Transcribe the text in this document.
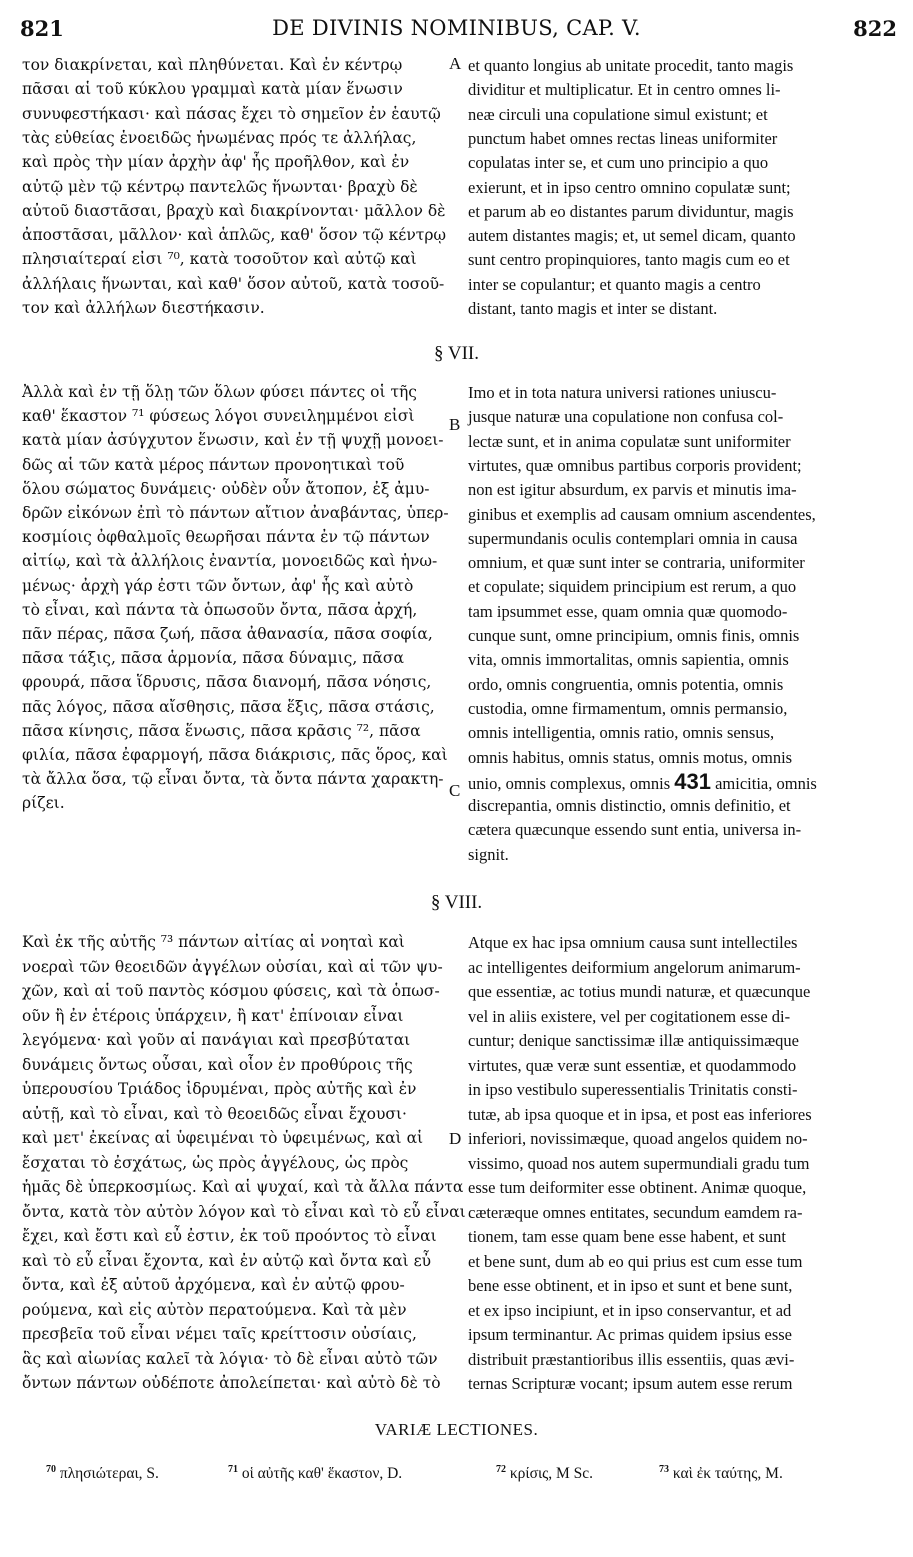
821	DE DIVINIS NOMINIBUS, CAP. V.	822
τον διακρίνεται, καὶ πληθύνεται. Καὶ ἐν κέντρῳ
πᾶσαι αἱ τοῦ κύκλου γραμμαὶ κατὰ μίαν ἕνωσιν
συνυφεστήκασι· καὶ πάσας ἔχει τὸ σημεῖον ἐν ἑαυτῷ
τὰς εὐθείας ἑνοειδῶς ἡνωμένας πρός τε ἀλλήλας,
καὶ πρὸς τὴν μίαν ἀρχὴν ἀφ' ἧς προῆλθον, καὶ ἐν
αὐτῷ μὲν τῷ κέντρῳ παντελῶς ἥνωνται· βραχὺ δὲ
αὐτοῦ διαστᾶσαι, βραχὺ καὶ διακρίνονται· μᾶλλον δὲ
ἀποστᾶσαι, μᾶλλον· καὶ ἁπλῶς, καθ' ὅσον τῷ κέντρῳ
πλησιαίτεραί εἰσι ⁷⁰, κατὰ τοσοῦτον καὶ αὐτῷ καὶ
ἀλλήλαις ἥνωνται, καὶ καθ' ὅσον αὐτοῦ, κατὰ τοσοῦ-
τον καὶ ἀλλήλων διεστήκασιν.
et quanto longius ab unitate procedit, tanto magis
dividitur et multiplicatur. Et in centro omnes li-
neæ circuli una copulatione simul existunt; et
punctum habet omnes rectas lineas uniformiter
copulatas inter se, et cum uno principio a quo
exierunt, et in ipso centro omnino copulatæ sunt;
et parum ab eo distantes parum dividuntur, magis
autem distantes magis; et, ut semel dicam, quanto
sunt centro propinquiores, tanto magis cum eo et
inter se copulantur; et quanto magis a centro
distant, tanto magis et inter se distant.
A
§ VII.
Ἀλλὰ καὶ ἐν τῇ ὅλῃ τῶν ὅλων φύσει πάντες οἱ τῆς
καθ' ἕκαστον ⁷¹ φύσεως λόγοι συνειλημμένοι εἰσὶ
κατὰ μίαν ἀσύγχυτον ἕνωσιν, καὶ ἐν τῇ ψυχῇ μονοει-
δῶς αἱ τῶν κατὰ μέρος πάντων προνοητικαὶ τοῦ
ὅλου σώματος δυνάμεις· οὐδὲν οὖν ἄτοπον, ἐξ ἀμυ-
δρῶν εἰκόνων ἐπὶ τὸ πάντων αἴτιον ἀναβάντας, ὑπερ-
κοσμίοις ὀφθαλμοῖς θεωρῆσαι πάντα ἐν τῷ πάντων
αἰτίῳ, καὶ τὰ ἀλλήλοις ἐναντία, μονοειδῶς καὶ ἡνω-
μένως· ἀρχὴ γάρ ἐστι τῶν ὄντων, ἀφ' ἧς καὶ αὐτὸ
τὸ εἶναι, καὶ πάντα τὰ ὁπωσοῦν ὄντα, πᾶσα ἀρχή,
πᾶν πέρας, πᾶσα ζωή, πᾶσα ἀθανασία, πᾶσα σοφία,
πᾶσα τάξις, πᾶσα ἁρμονία, πᾶσα δύναμις, πᾶσα
φρουρά, πᾶσα ἵδρυσις, πᾶσα διανομή, πᾶσα νόησις,
πᾶς λόγος, πᾶσα αἴσθησις, πᾶσα ἕξις, πᾶσα στάσις,
πᾶσα κίνησις, πᾶσα ἕνωσις, πᾶσα κρᾶσις ⁷², πᾶσα
φιλία, πᾶσα ἐφαρμογή, πᾶσα διάκρισις, πᾶς ὅρος, καὶ
τὰ ἄλλα ὅσα, τῷ εἶναι ὄντα, τὰ ὄντα πάντα χαρακτη-
ρίζει.
Imo et in tota natura universi rationes uniuscu-
jusque naturæ una copulatione non confusa col-
lectæ sunt, et in anima copulatæ sunt uniformiter
virtutes, quæ omnibus partibus corporis provident;
non est igitur absurdum, ex parvis et minutis ima-
ginibus et exemplis ad causam omnium ascendentes,
supermundanis oculis contemplari omnia in causa
omnium, et quæ sunt inter se contraria, uniformiter
et copulate; siquidem principium est rerum, a quo
tam ipsummet esse, quam omnia quæ quomodo-
cunque sunt, omne principium, omnis finis, omnis
vita, omnis immortalitas, omnis sapientia, omnis
ordo, omnis congruentia, omnis potentia, omnis
custodia, omne firmamentum, omnis permansio,
omnis intelligentia, omnis ratio, omnis sensus,
omnis habitus, omnis status, omnis motus, omnis
unio, omnis complexus, omnis 431 amicitia, omnis
discrepantia, omnis distinctio, omnis definitio, et
cætera quæcunque essendo sunt entia, universa in-
signit.
B
C
§ VIII.
Καὶ ἐκ τῆς αὐτῆς ⁷³ πάντων αἰτίας αἱ νοηταὶ καὶ
νοεραὶ τῶν θεοειδῶν ἀγγέλων οὐσίαι, καὶ αἱ τῶν ψυ-
χῶν, καὶ αἱ τοῦ παντὸς κόσμου φύσεις, καὶ τὰ ὁπωσ-
οῦν ἢ ἐν ἑτέροις ὑπάρχειν, ἢ κατ' ἐπίνοιαν εἶναι
λεγόμενα· καὶ γοῦν αἱ πανάγιαι καὶ πρεσβύταται
δυνάμεις ὄντως οὖσαι, καὶ οἷον ἐν προθύροις τῆς
ὑπερουσίου Τριάδος ἱδρυμέναι, πρὸς αὐτῆς καὶ ἐν
αὐτῇ, καὶ τὸ εἶναι, καὶ τὸ θεοειδῶς εἶναι ἔχουσι·
καὶ μετ' ἐκείνας αἱ ὑφειμέναι τὸ ὑφειμένως, καὶ αἱ
ἔσχαται τὸ ἐσχάτως, ὡς πρὸς ἀγγέλους, ὡς πρὸς
ἡμᾶς δὲ ὑπερκοσμίως. Καὶ αἱ ψυχαί, καὶ τὰ ἄλλα πάντα
ὄντα, κατὰ τὸν αὐτὸν λόγον καὶ τὸ εἶναι καὶ τὸ εὖ εἶναι
ἔχει, καὶ ἔστι καὶ εὖ ἐστιν, ἐκ τοῦ προόντος τὸ εἶναι
καὶ τὸ εὖ εἶναι ἔχοντα, καὶ ἐν αὐτῷ καὶ ὄντα καὶ εὖ
ὄντα, καὶ ἐξ αὐτοῦ ἀρχόμενα, καὶ ἐν αὐτῷ φρου-
ρούμενα, καὶ εἰς αὐτὸν περατούμενα. Καὶ τὰ μὲν
πρεσβεῖα τοῦ εἶναι νέμει ταῖς κρείττοσιν οὐσίαις,
ἃς καὶ αἰωνίας καλεῖ τὰ λόγια· τὸ δὲ εἶναι αὐτὸ τῶν
ὄντων πάντων οὐδέποτε ἀπολείπεται· καὶ αὐτὸ δὲ τὸ
Atque ex hac ipsa omnium causa sunt intellectiles
ac intelligentes deiformium angelorum animarum-
que essentiæ, ac totius mundi naturæ, et quæcunque
vel in aliis existere, vel per cogitationem esse di-
cuntur; denique sanctissimæ illæ antiquissimæque
virtutes, quæ veræ sunt essentiæ, et quodammodo
in ipso vestibulo superessentialis Trinitatis consti-
tutæ, ab ipsa quoque et in ipsa, et post eas inferiores
inferiori, novissimæque, quoad angelos quidem no-
vissimo, quoad nos autem supermundiali gradu tum
esse tum deiformiter esse obtinent. Animæ quoque,
cæteræque omnes entitates, secundum eamdem ra-
tionem, tam esse quam bene esse habent, et sunt
et bene sunt, dum ab eo qui prius est cum esse tum
bene esse obtinent, et in ipso et sunt et bene sunt,
et ex ipso incipiunt, et in ipso conservantur, et ad
ipsum terminantur. Ac primas quidem ipsius esse
distribuit præstantioribus illis essentiis, quas ævi-
ternas Scripturæ vocant; ipsum autem esse rerum
D
VARIÆ LECTIONES.
$^{70}$ πλησιώτεραι, S.	$^{71}$ οἱ αὐτῆς καθ' ἕκαστον, D.	$^{72}$ κρίσις, M Sc.	$^{73}$ καὶ ἐκ ταύτης, M.
